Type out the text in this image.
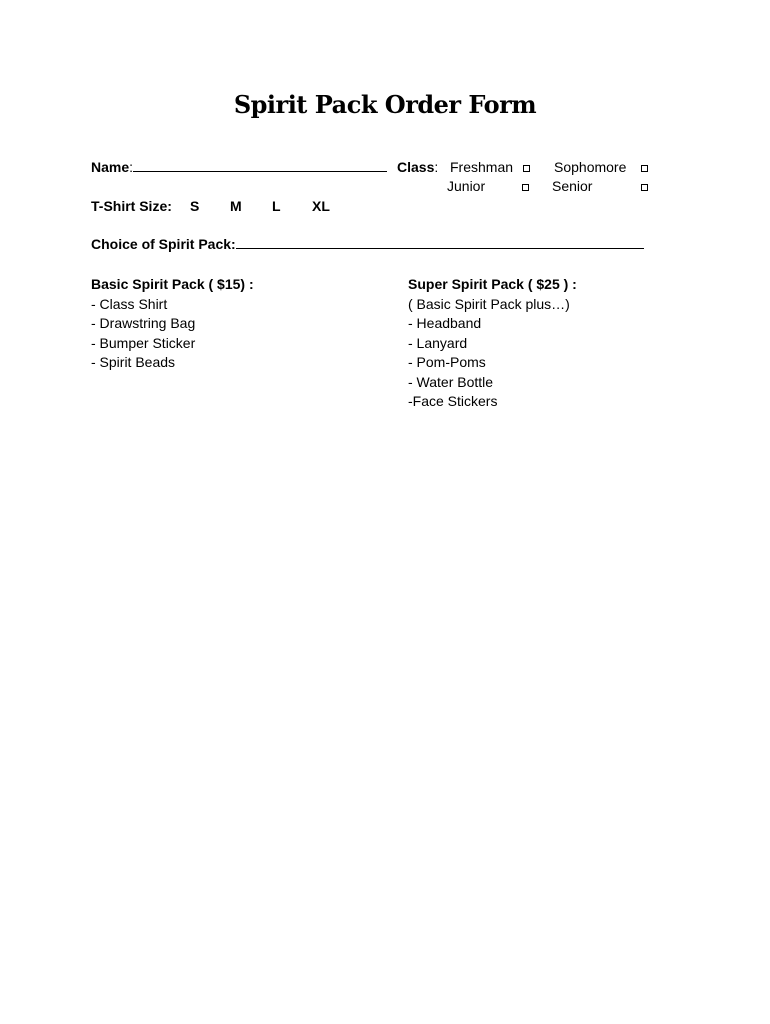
Spirit Pack Order Form
Name:	Class: Freshman	Sophomore
Junior	Senior
T-Shirt Size: S M L XL
Choice of Spirit Pack:
Basic Spirit Pack ( $15) :
- Class Shirt
- Drawstring Bag
- Bumper Sticker
- Spirit Beads
Super Spirit Pack ( $25 ) :
( Basic Spirit Pack plus…)
- Headband
- Lanyard
- Pom-Poms
- Water Bottle
-Face Stickers
